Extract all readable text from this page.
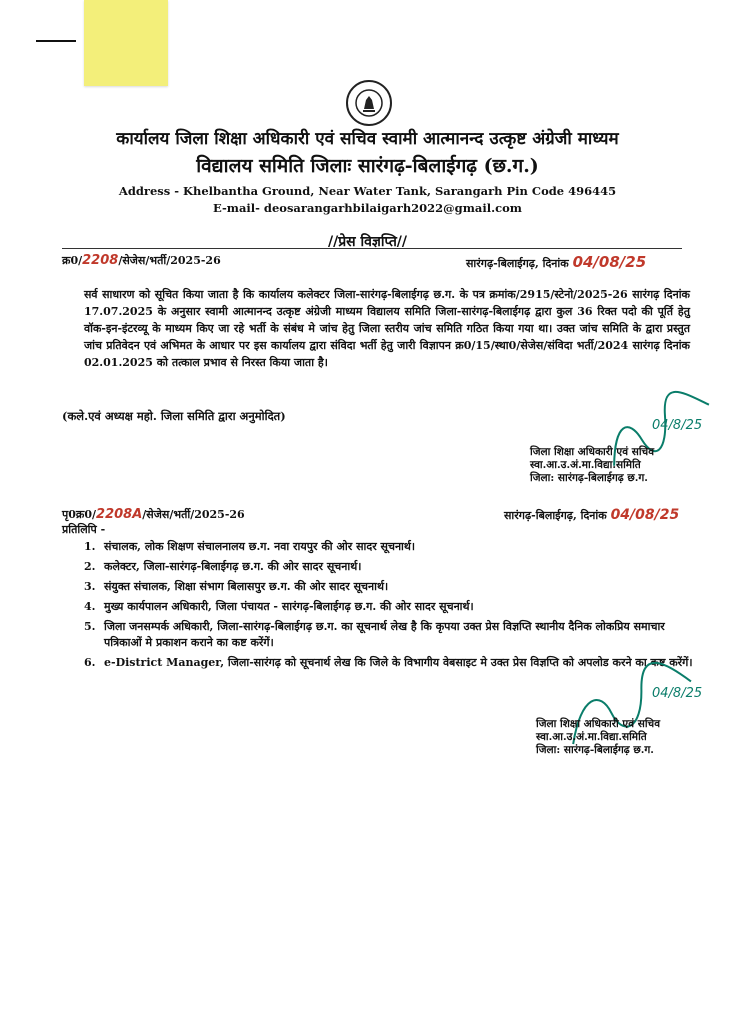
कार्यालय जिला शिक्षा अधिकारी एवं सचिव स्वामी आत्मानन्द उत्कृष्ट अंग्रेजी माध्यम
विद्यालय समिति जिलाः सारंगढ़-बिलाईगढ़ (छ.ग.)
Address - Khelbantha Ground, Near Water Tank, Sarangarh Pin Code 496445
E-mail- deosarangarhbilaigarh2022@gmail.com
//प्रेस विज्ञप्ति//
क्र0/2208/सेजेस/भर्ती/2025-26	सारंगढ़-बिलाईगढ़, दिनांक 04/08/25
सर्व साधारण को सूचित किया जाता है कि कार्यालय कलेक्टर जिला-सारंगढ़-बिलाईगढ़ छ.ग. के पत्र क्रमांक/2915/स्टेनो/2025-26 सारंगढ़ दिनांक 17.07.2025 के अनुसार स्वामी आत्मानन्द उत्कृष्ट अंग्रेजी माध्यम विद्यालय समिति जिला-सारंगढ़-बिलाईगढ़ द्वारा कुल 36 रिक्त पदो की पूर्ति हेतु वॉक-इन-इंटरव्यू के माध्यम किए जा रहे भर्ती के संबंध मे जांच हेतु जिला स्तरीय जांच समिति गठित किया गया था। उक्त जांच समिति के द्वारा प्रस्तुत जांच प्रतिवेदन एवं अभिमत के आधार पर इस कार्यालय द्वारा संविदा भर्ती हेतु जारी विज्ञापन क्र0/15/स्था0/सेजेस/संविदा भर्ती/2024 सारंगढ़ दिनांक 02.01.2025 को तत्काल प्रभाव से निरस्त किया जाता है।
(कले.एवं अध्यक्ष महो. जिला समिति द्वारा अनुमोदित)
04/8/25
जिला शिक्षा अधिकारी एवं सचिव
स्वा.आ.उ.अं.मा.विद्या.समिति
जिला: सारंगढ़-बिलाईगढ़ छ.ग.
पृ0क्र0/2208A/सेजेस/भर्ती/2025-26	सारंगढ़-बिलाईगढ़, दिनांक 04/08/25
प्रतिलिपि -
1. संचालक, लोक शिक्षण संचालनालय छ.ग. नवा रायपुर की ओर सादर सूचनार्थ।
2. कलेक्टर, जिला-सारंगढ़-बिलाईगढ़ छ.ग. की ओर सादर सूचनार्थ।
3. संयुक्त संचालक, शिक्षा संभाग बिलासपुर छ.ग. की ओर सादर सूचनार्थ।
4. मुख्य कार्यपालन अधिकारी, जिला पंचायत - सारंगढ़-बिलाईगढ़ छ.ग. की ओर सादर सूचनार्थ।
5. जिला जनसम्पर्क अधिकारी, जिला-सारंगढ़-बिलाईगढ़ छ.ग. का सूचनार्थ लेख है कि कृपया उक्त प्रेस विज्ञप्ति स्थानीय दैनिक लोकप्रिय समाचार पत्रिकाओं मे प्रकाशन कराने का कष्ट करेंगें।
6. e-District Manager, जिला-सारंगढ़ को सूचनार्थ लेख कि जिले के विभागीय वेबसाइट मे उक्त प्रेस विज्ञप्ति को अपलोड करने का कष्ट करेंगें।
04/8/25
जिला शिक्षा अधिकारी एवं सचिव
स्वा.आ.उ.अं.मा.विद्या.समिति
जिला: सारंगढ़-बिलाईगढ़ छ.ग.
